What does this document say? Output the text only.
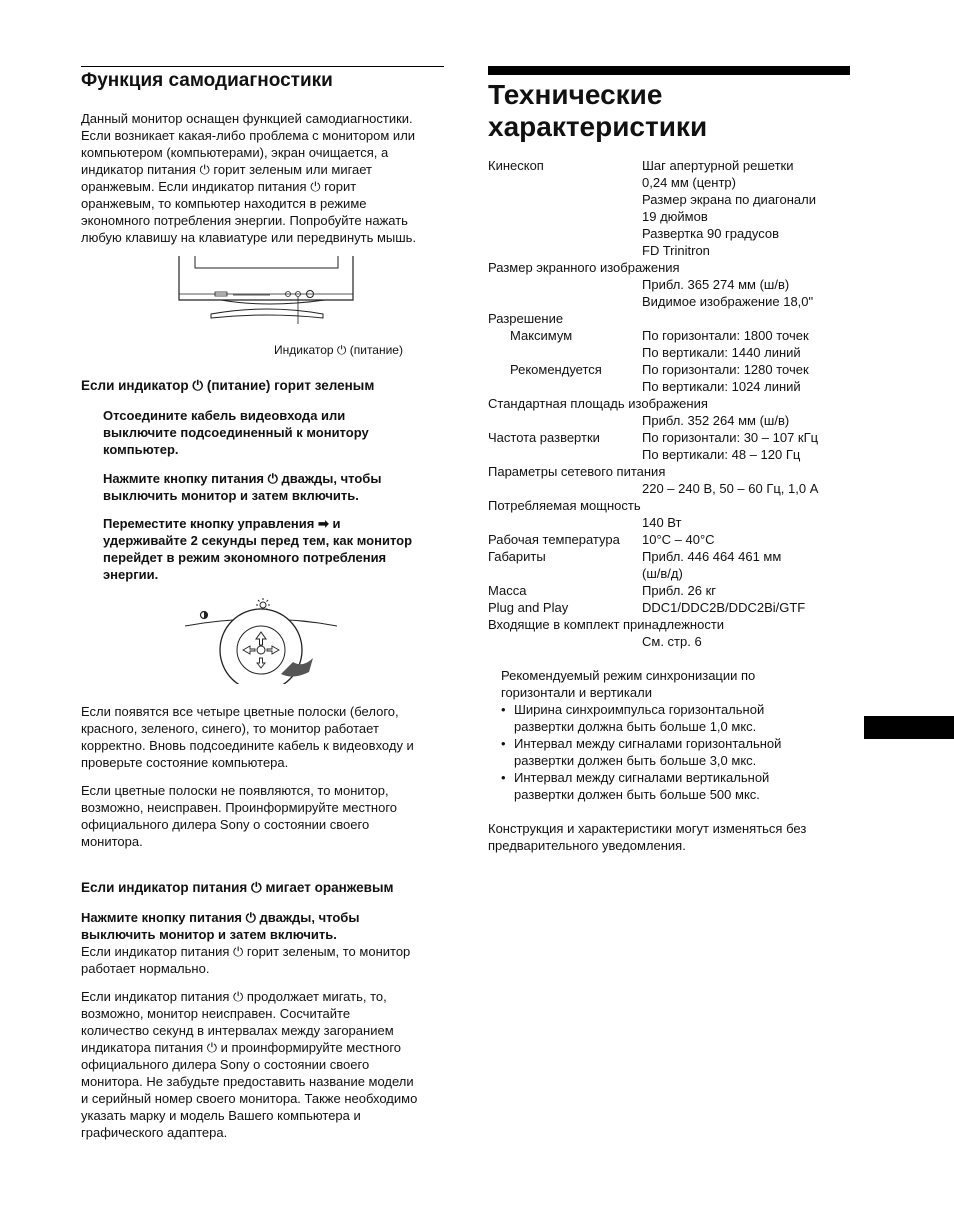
Функция самодиагностики

Данный монитор оснащен функцией самодиагностики.

Если возникает какая-либо проблема с монитором или

компьютером (компьютерами), экран очищается, а

индикатор питания ⏻ горит зеленым или мигает

оранжевым. Если индикатор питания ⏻ горит

оранжевым, то компьютер находится в режиме

экономного потребления энергии. Попробуйте нажать

любую клавишу на клавиатуре или передвинуть мышь.

Индикатор ⏻ (питание)
Если индикатор ⏻ (питание) горит зеленым

Отсоедините кабель видеовхода или

выключите подсоединенный к монитору

компьютер.

Нажмите кнопку питания ⏻ дважды, чтобы

выключить монитор и затем включить.

Переместите кнопку управления ➡ и

удерживайте 2 секунды перед тем, как монитор

перейдет в режим экономного потребления

энергии.

Если появятся все четыре цветные полоски (белого,

красного, зеленого, синего), то монитор работает

корректно. Вновь подсоедините кабель к видеовходу и

проверьте состояние компьютера.

Если цветные полоски не появляются, то монитор,

возможно, неисправен. Проинформируйте местного

официального дилера Sony о состоянии своего

монитора.

Если индикатор питания ⏻ мигает оранжевым

Нажмите кнопку питания ⏻ дважды, чтобы

выключить монитор и затем включить.

Если индикатор питания ⏻ горит зеленым, то монитор

работает нормально.

Если индикатор питания ⏻ продолжает мигать, то,

возможно, монитор неисправен. Сосчитайте

количество секунд в интервалах между загоранием

индикатора питания ⏻ и проинформируйте местного

официального дилера Sony о состоянии своего

монитора. Не забудьте предоставить название модели

и серийный номер своего монитора. Также необходимо

указать марку и модель Вашего компьютера и

графического адаптера.

Технические
характеристики
Кинескоп	Шаг апертурной решетки
	0,24 мм (центр)
	Размер экрана по диагонали
	19 дюймов
	Развертка 90 градусов
	FD Trinitron
Размер экранного изображения	
	Прибл. 365 274 мм (ш/в)
	Видимое изображение 18,0"
Разрешение	
Максимум	По горизонтали: 1800 точек
	По вертикали: 1440 линий
Рекомендуется	По горизонтали: 1280 точек
	По вертикали: 1024 линий
Стандартная площадь изображения	
	Прибл. 352 264 мм (ш/в)
Частота развертки	По горизонтали: 30 – 107 кГц
	По вертикали: 48 – 120 Гц
Параметры сетевого питания	
	220 – 240 В, 50 – 60 Гц, 1,0 А
Потребляемая мощность	
	140 Вт
Рабочая температура	10°C – 40°C
Габариты	Прибл. 446 464 461 мм
	(ш/в/д)
Масса	Прибл. 26 кг
Plug and Play	DDC1/DDC2B/DDC2Bi/GTF
Входящие в комплект принадлежности	
	См. стр. 6

Рекомендуемый режим синхронизации по

горизонтали и вертикали

• Ширина синхроимпульса горизонтальной
развертки должна быть больше 1,0 мкс.
• Интервал между сигналами горизонтальной
развертки должен быть больше 3,0 мкс.
• Интервал между сигналами вертикальной
развертки должен быть больше 500 мкс.

Конструкция и характеристики могут изменяться без

предварительного уведомления.
